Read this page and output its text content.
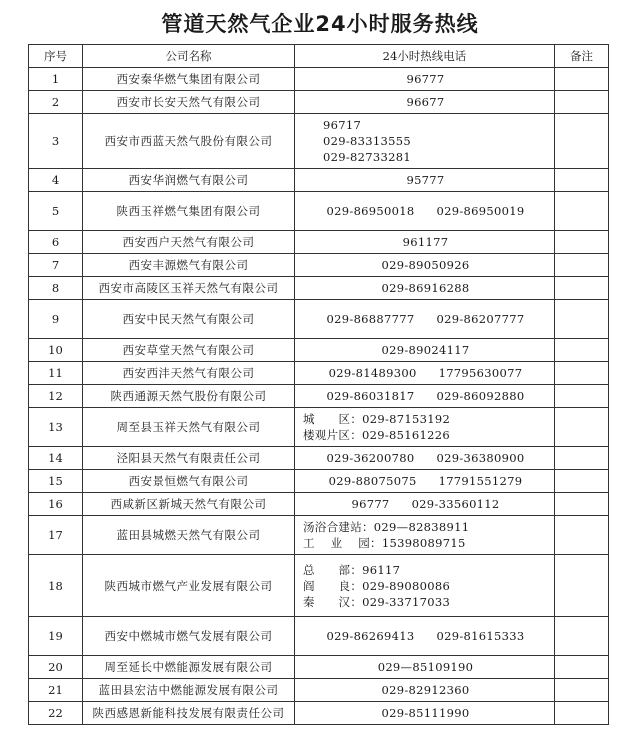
管道天然气企业24小时服务热线
序号	公司名称	24小时热线电话	备注
1	西安秦华燃气集团有限公司	96777	

2	西安市长安天然气有限公司	96677	

3	西安市西蓝天然气股份有限公司	96717
029-83313555
029-82733281	

4	西安华润燃气有限公司	95777	

5	陕西玉祥燃气集团有限公司	029-86950018 029-86950019	

6	西安西户天然气有限公司	961177	

7	西安丰源燃气有限公司	029-89050926	

8	西安市高陵区玉祥天然气有限公司	029-86916288	

9	西安中民天然气有限公司	029-86887777 029-86207777	

10	西安草堂天然气有限公司	029-89024117	

11	西安西沣天然气有限公司	029-81489300 17795630077	

12	陕西通源天然气股份有限公司	029-86031817 029-86092880	

13	周至县玉祥天然气有限公司	城      区：029-87153192
楼观片区：029-85161226	

14	泾阳县天然气有限责任公司	029-36200780 029-36380900	

15	西安景恒燃气有限公司	029-88075075 17791551279	

16	西咸新区新城天然气有限公司	96777 029-33560112	

17	蓝田县城燃天然气有限公司	汤浴合建站：029—82838911
工    业    园：15398089715	

18	陕西城市燃气产业发展有限公司	总      部：96117
阎      良：029-89080086
秦      汉：029-33717033	

19	西安中燃城市燃气发展有限公司	029-86269413 029-81615333	

20	周至延长中燃能源发展有限公司	029—85109190	

21	蓝田县宏洁中燃能源发展有限公司	029-82912360	

22	陕西感恩新能科技发展有限责任公司	029-85111990	
